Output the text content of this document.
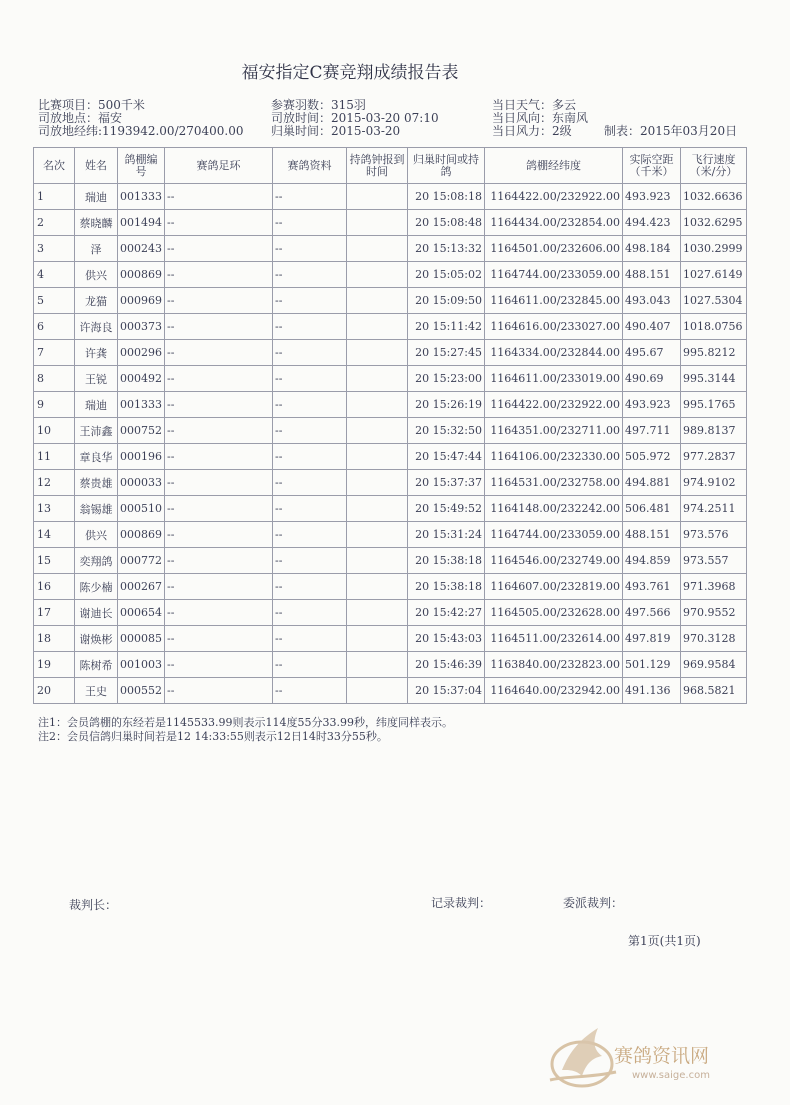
福安指定C赛竞翔成绩报告表
比赛项目：500千米	参赛羽数：315羽	当日天气：多云
司放地点：福安	司放时间：2015-03-20 07:10	当日风向：东南风
司放地经纬:1193942.00/270400.00 归巢时间：2015-03-20	当日风力：2级	制表：2015年03月20日
名次	姓名	鸽棚编号	赛鸽足环	赛鸽资料	持鸽钟报到时间	归巢时间或持鸽	鸽棚经纬度	实际空距（千米）	飞行速度（米/分）
1	瑞迪	001333	--	--		20 15:08:18	1164422.00/232922.00	493.923	1032.6636
2	蔡晓麟	001494	--	--		20 15:08:48	1164434.00/232854.00	494.423	1032.6295
3	泽	000243	--	--		20 15:13:32	1164501.00/232606.00	498.184	1030.2999
4	供兴	000869	--	--		20 15:05:02	1164744.00/233059.00	488.151	1027.6149
5	龙猫	000969	--	--		20 15:09:50	1164611.00/232845.00	493.043	1027.5304
6	许海良	000373	--	--		20 15:11:42	1164616.00/233027.00	490.407	1018.0756
7	许龚	000296	--	--		20 15:27:45	1164334.00/232844.00	495.67	995.8212
8	王锐	000492	--	--		20 15:23:00	1164611.00/233019.00	490.69	995.3144
9	瑞迪	001333	--	--		20 15:26:19	1164422.00/232922.00	493.923	995.1765
10	王沛鑫	000752	--	--		20 15:32:50	1164351.00/232711.00	497.711	989.8137
11	章良华	000196	--	--		20 15:47:44	1164106.00/232330.00	505.972	977.2837
12	蔡贵雄	000033	--	--		20 15:37:37	1164531.00/232758.00	494.881	974.9102
13	翁锡雄	000510	--	--		20 15:49:52	1164148.00/232242.00	506.481	974.2511
14	供兴	000869	--	--		20 15:31:24	1164744.00/233059.00	488.151	973.576
15	奕翔鸽	000772	--	--		20 15:38:18	1164546.00/232749.00	494.859	973.557
16	陈少楠	000267	--	--		20 15:38:18	1164607.00/232819.00	493.761	971.3968
17	谢迪长	000654	--	--		20 15:42:27	1164505.00/232628.00	497.566	970.9552
18	谢焕彬	000085	--	--		20 15:43:03	1164511.00/232614.00	497.819	970.3128
19	陈树希	001003	--	--		20 15:46:39	1163840.00/232823.00	501.129	969.9584
20	王史	000552	--	--		20 15:37:04	1164640.00/232942.00	491.136	968.5821
注1：会员鸽棚的东经若是1145533.99则表示114度55分33.99秒，纬度同样表示。
注2：会员信鸽归巢时间若是12 14:33:55则表示12日14时33分55秒。
裁判长：	记录裁判：	委派裁判：
第1页(共1页)
赛鸽资讯网
www.saige.com
